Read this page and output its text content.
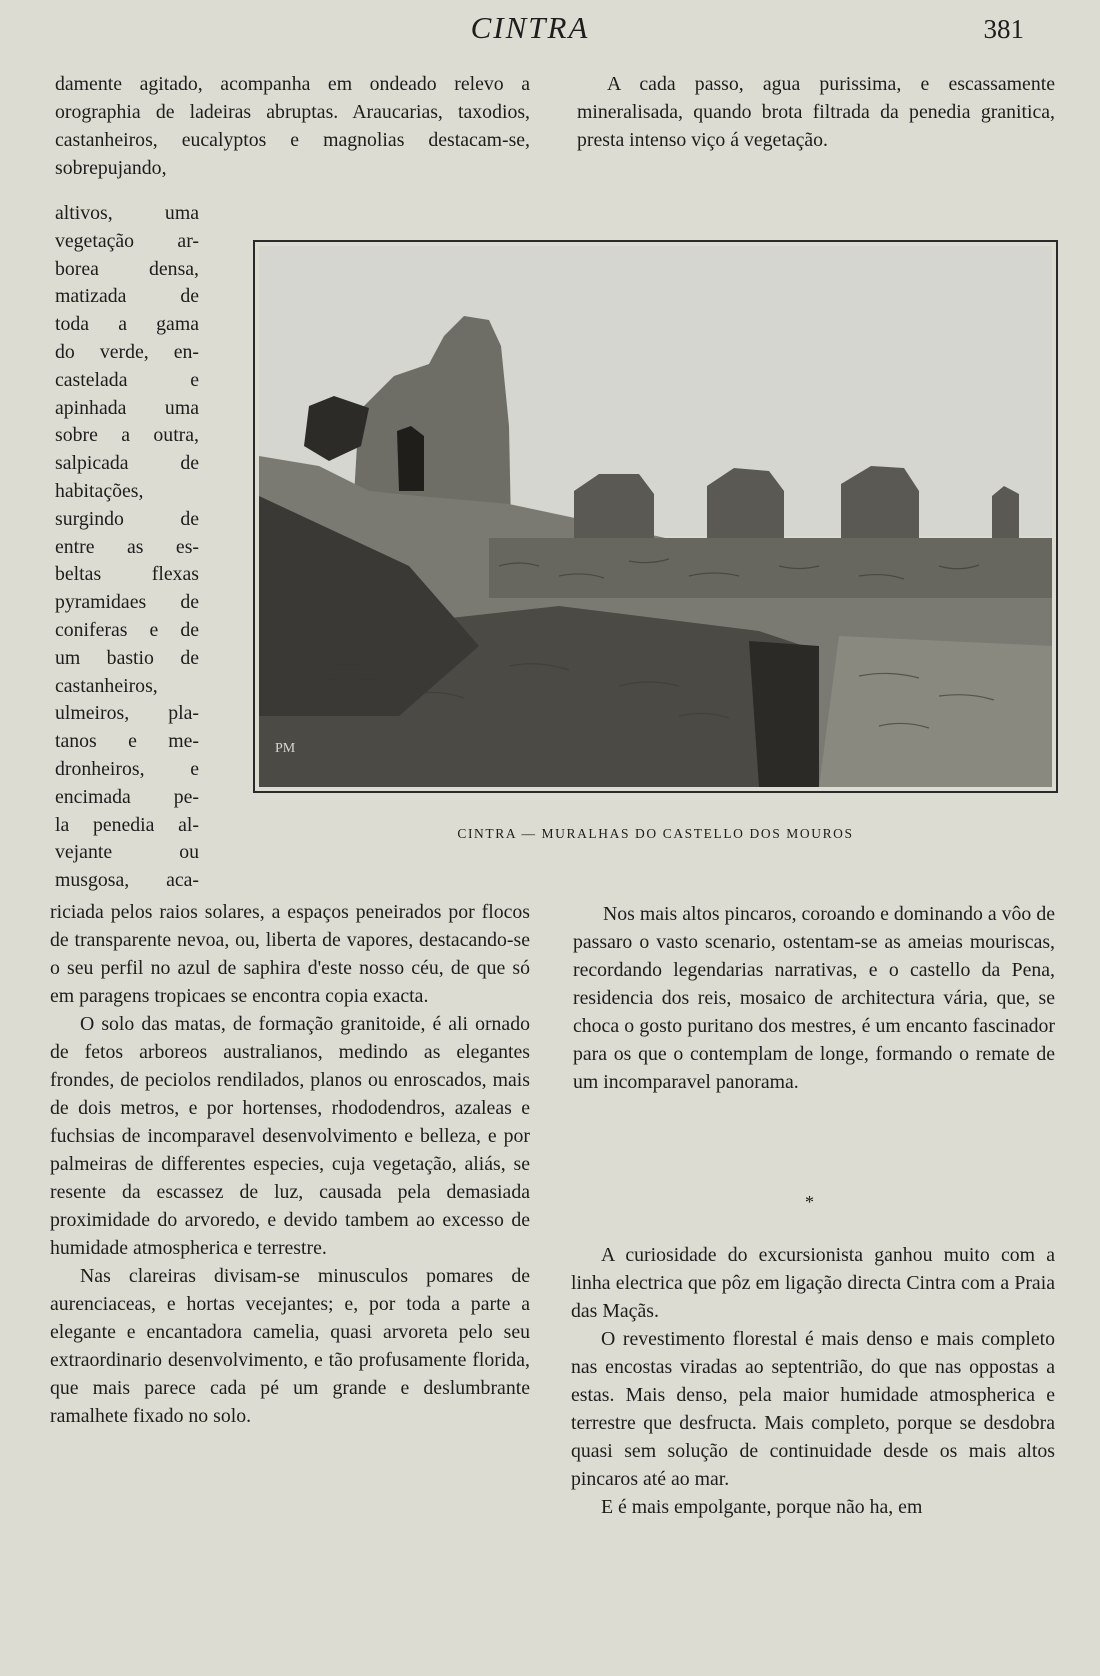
CINTRA	381

damente agitado, acompanha em ondeado relevo a orographia de ladeiras abruptas. Araucarias, taxodios, castanheiros, eucalyptos e magnolias destacam-se, sobrepujando,

altivos, uma
vegetação ar-
borea densa,
matizada de
toda a gama
do verde, en-
castelada e
apinhada uma
sobre a outra,
salpicada de
habitações,
surgindo de
entre as es-
beltas flexas
pyramidaes de
coniferas e de
um bastio de
castanheiros,
ulmeiros, pla-
tanos e me-
dronheiros, e
encimada pe-
la penedia al-
vejante ou
musgosa, aca-

riciada pelos raios solares, a espaços peneirados por flocos de transparente nevoa, ou, liberta de vapores, destacando-se o seu perfil no azul de saphira d'este nosso céu, de que só em paragens tropicaes se encontra copia exacta.

O solo das matas, de formação granitoide, é ali ornado de fetos arboreos australianos, medindo as elegantes frondes, de peciolos rendilados, planos ou enroscados, mais de dois metros, e por hortenses, rhododendros, azaleas e fuchsias de incomparavel desenvolvimento e belleza, e por palmeiras de differentes especies, cuja vegetação, aliás, se resente da escassez de luz, causada pela demasiada proximidade do arvoredo, e devido tambem ao excesso de humidade atmospherica e terrestre.

Nas clareiras divisam-se minusculos pomares de aurenciaceas, e hortas vecejantes; e, por toda a parte a elegante e encantadora camelia, quasi arvoreta pelo seu extraordinario desenvolvimento, e tão profusamente florida, que mais parece cada pé um grande e deslumbrante ramalhete fixado no solo.

A cada passo, agua purissima, e escassamente mineralisada, quando brota filtrada da penedia granitica, presta intenso viço á vegetação.

PM
CINTRA — MURALHAS DO CASTELLO DOS MOUROS

Nos mais altos pincaros, coroando e dominando a vôo de passaro o vasto scenario, ostentam-se as ameias mouriscas, recordando legendarias narrativas, e o castello da Pena, residencia dos reis, mosaico de architectura vária, que, se choca o gosto puritano dos mestres, é um encanto fascinador para os que o contemplam de longe, formando o remate de um incomparavel panorama.

*

A curiosidade do excursionista ganhou muito com a linha electrica que pôz em ligação directa Cintra com a Praia das Maçãs.

O revestimento florestal é mais denso e mais completo nas encostas viradas ao septentrião, do que nas oppostas a estas. Mais denso, pela maior humidade atmospherica e terrestre que desfructa. Mais completo, porque se desdobra quasi sem solução de continuidade desde os mais altos pincaros até ao mar.

E é mais empolgante, porque não ha, em
